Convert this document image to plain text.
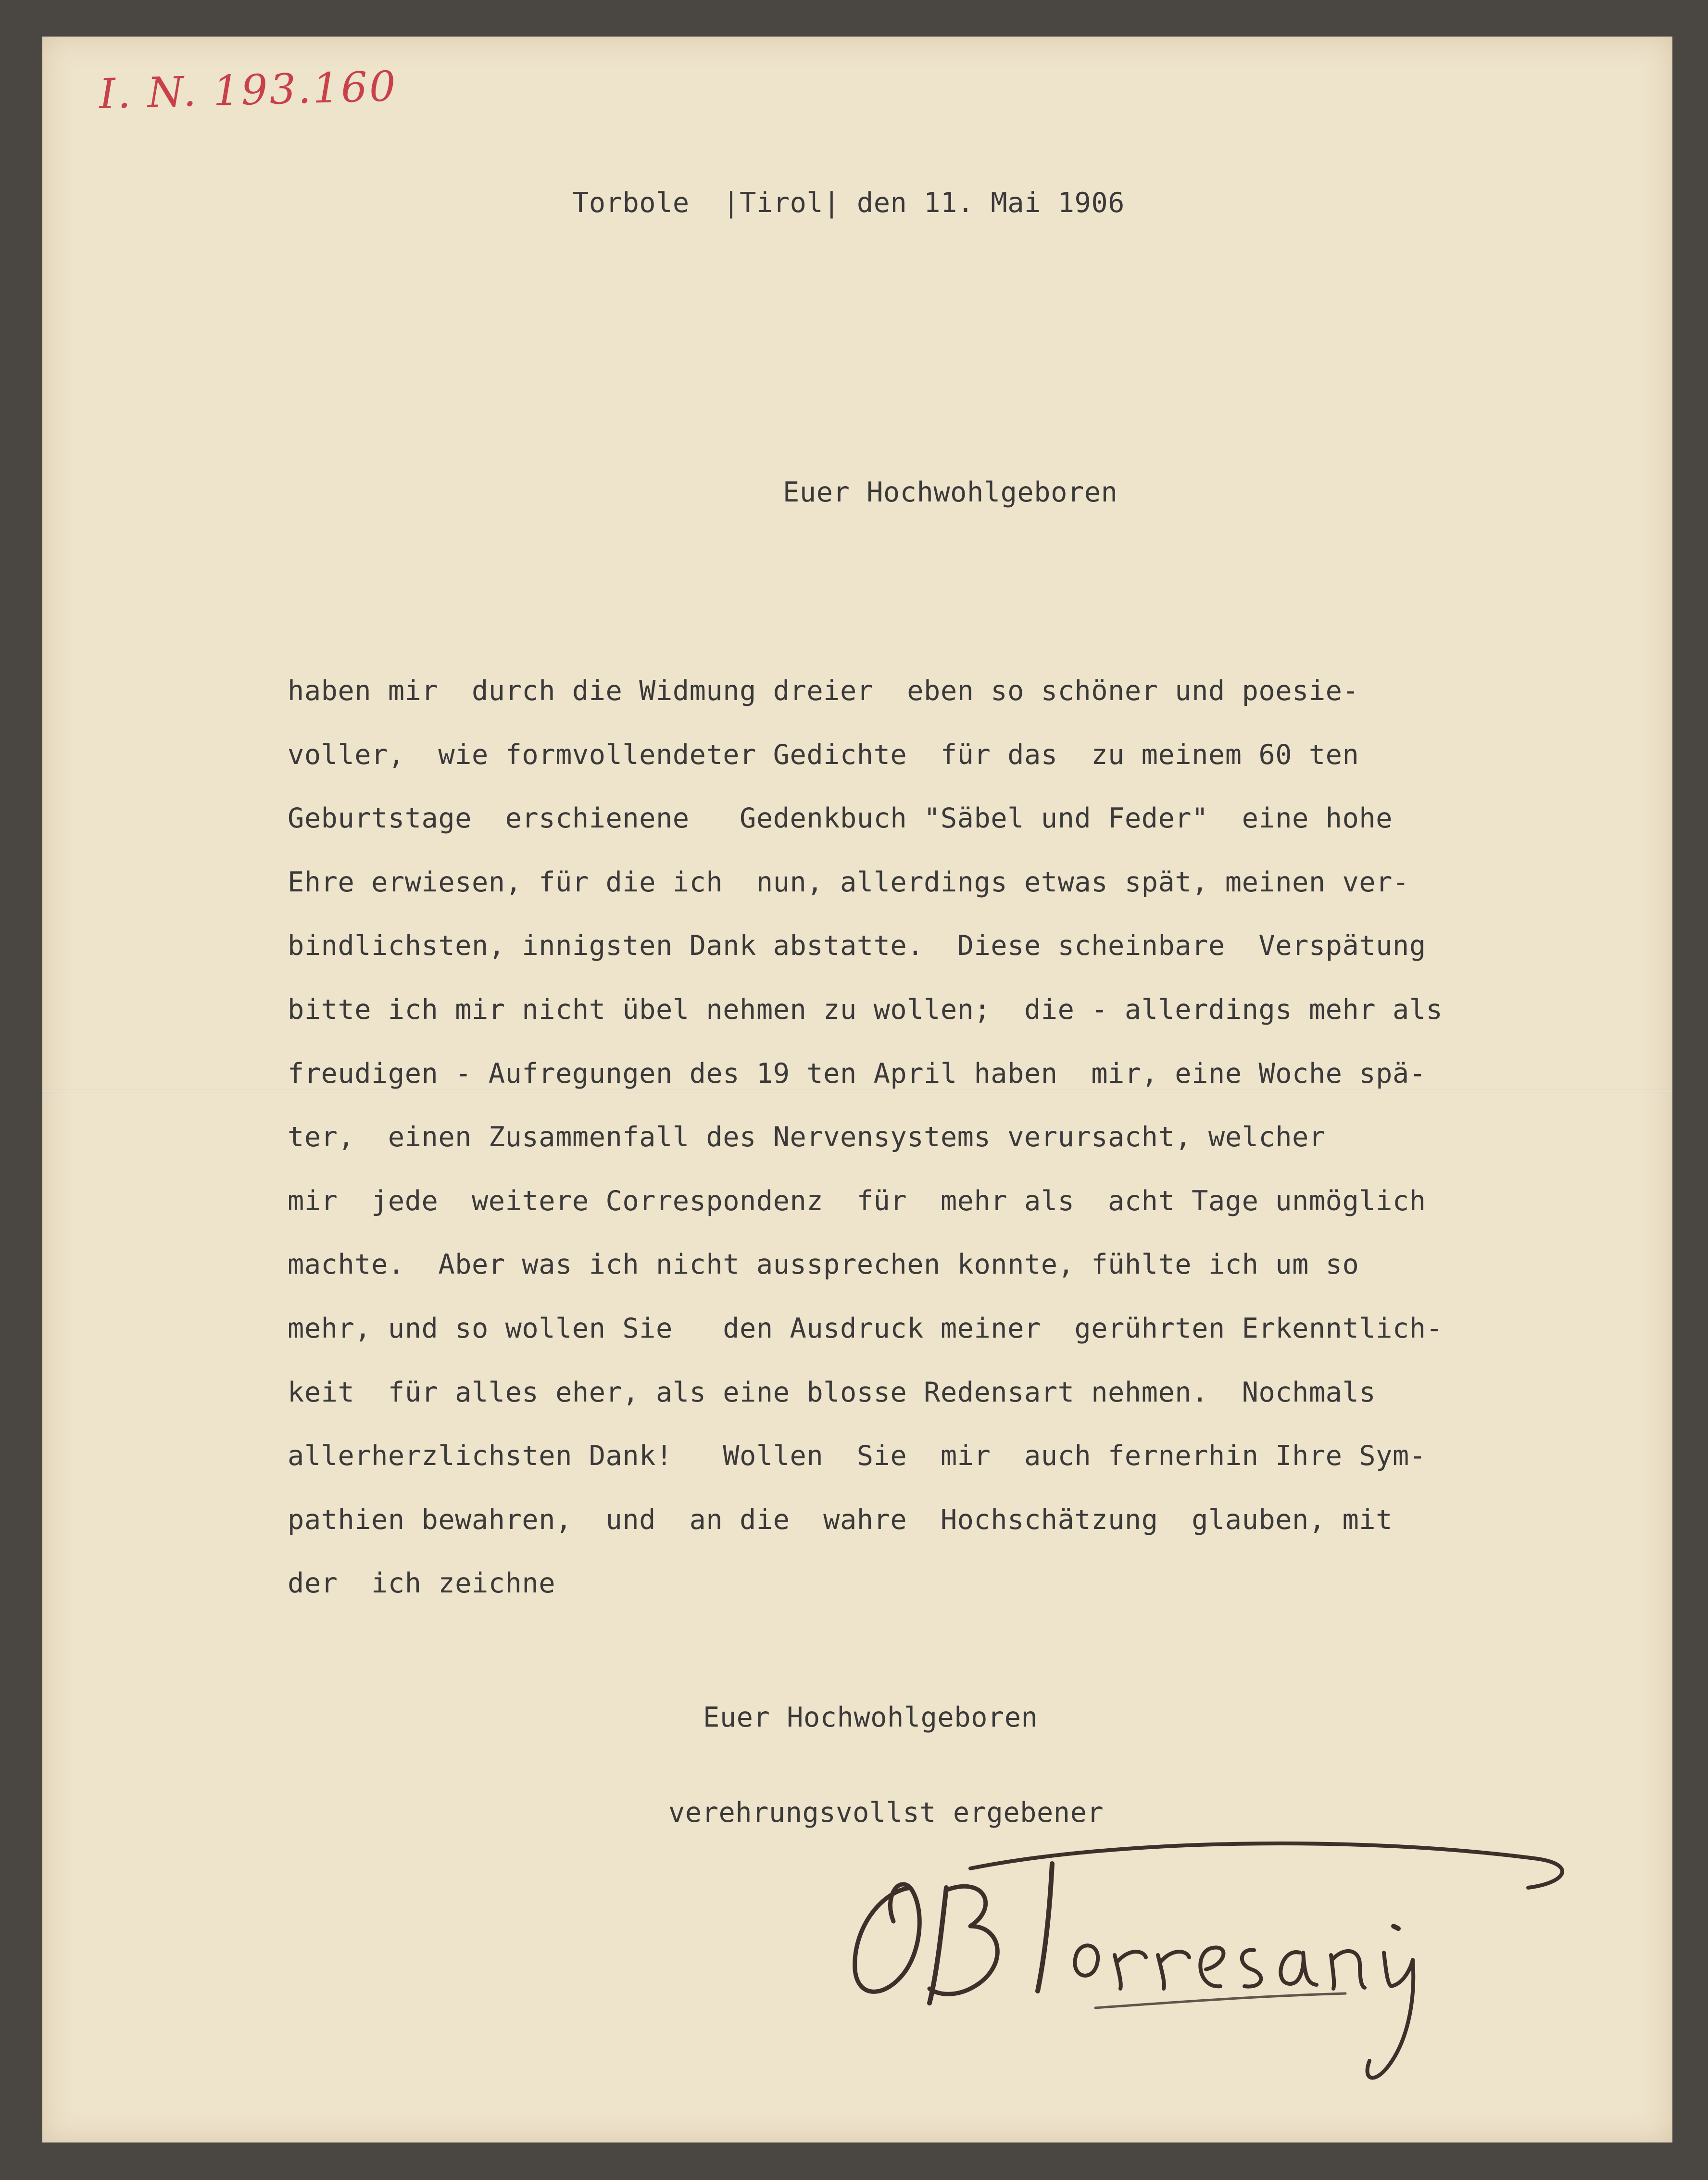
I. N. 193.160
Torbole  |Tirol| den 11. Mai 1906
Euer Hochwohlgeboren
haben mir  durch die Widmung dreier  eben so schöner und poesie-
voller,  wie formvollendeter Gedichte  für das  zu meinem 60 ten
Geburtstage  erschienene   Gedenkbuch "Säbel und Feder"  eine hohe
Ehre erwiesen, für die ich  nun, allerdings etwas spät, meinen ver-
bindlichsten, innigsten Dank abstatte.  Diese scheinbare  Verspätung
bitte ich mir nicht übel nehmen zu wollen;  die - allerdings mehr als
freudigen - Aufregungen des 19 ten April haben  mir, eine Woche spä-
ter,  einen Zusammenfall des Nervensystems verursacht, welcher
mir  jede  weitere Correspondenz  für  mehr als  acht Tage unmöglich
machte.  Aber was ich nicht aussprechen konnte, fühlte ich um so
mehr, und so wollen Sie   den Ausdruck meiner  gerührten Erkenntlich-
keit  für alles eher, als eine blosse Redensart nehmen.  Nochmals
allerherzlichsten Dank!   Wollen  Sie  mir  auch fernerhin Ihre Sym-
pathien bewahren,  und  an die  wahre  Hochschätzung  glauben, mit
der  ich zeichne
Euer Hochwohlgeboren
verehrungsvollst ergebener
